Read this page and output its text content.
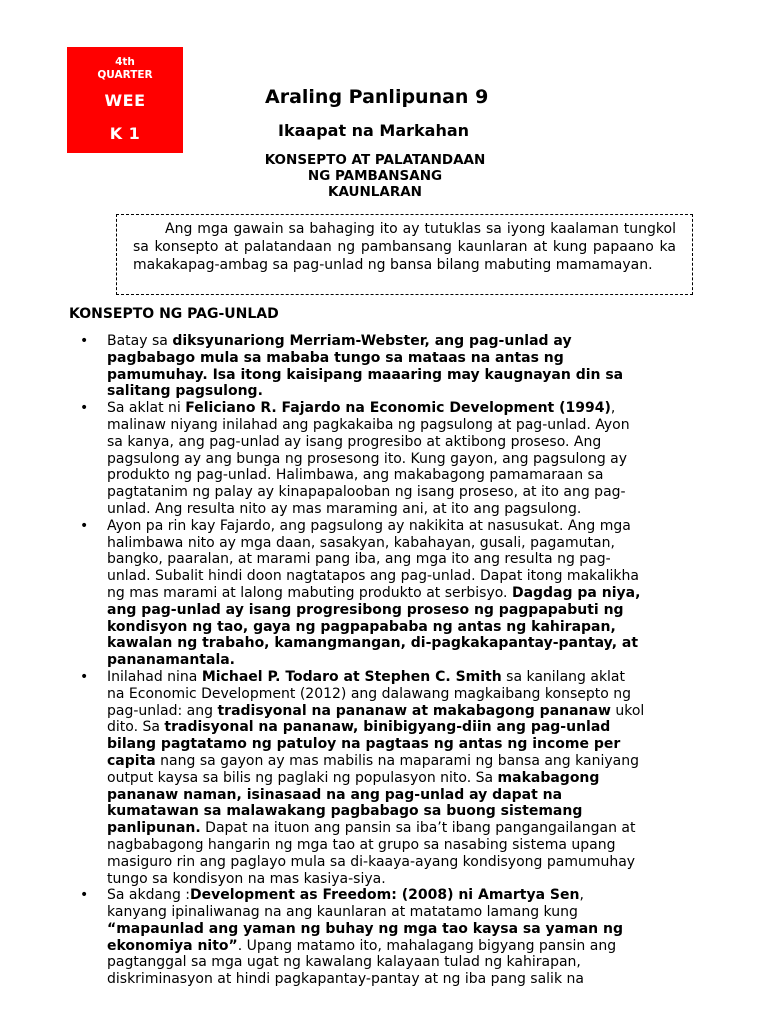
4th
QUARTER
WEE
K 1
Araling Panlipunan 9
Ikaapat na Markahan
KONSEPTO AT PALATANDAAN
NG PAMBANSANG
KAUNLARAN

Ang mga gawain sa bahaging ito ay tutuklas sa iyong kaalaman tungkol sa konsepto at palatandaan ng pambansang kaunlaran at kung papaano ka makakapag-ambag sa pag-unlad ng bansa bilang mabuting mamamayan.

KONSEPTO NG PAG-UNLAD
• Batay sa diksyunariong Merriam-Webster, ang pag-unlad ay
pagbabago mula sa mababa tungo sa mataas na antas ng
pamumuhay. Isa itong kaisipang maaaring may kaugnayan din sa
salitang pagsulong.
• Sa aklat ni Feliciano R. Fajardo na Economic Development (1994),
malinaw niyang inilahad ang pagkakaiba ng pagsulong at pag-unlad. Ayon
sa kanya, ang pag-unlad ay isang progresibo at aktibong proseso. Ang
pagsulong ay ang bunga ng prosesong ito. Kung gayon, ang pagsulong ay
produkto ng pag-unlad. Halimbawa, ang makabagong pamamaraan sa
pagtatanim ng palay ay kinapapalooban ng isang proseso, at ito ang pag-
unlad. Ang resulta nito ay mas maraming ani, at ito ang pagsulong.
• Ayon pa rin kay Fajardo, ang pagsulong ay nakikita at nasusukat. Ang mga
halimbawa nito ay mga daan, sasakyan, kabahayan, gusali, pagamutan,
bangko, paaralan, at marami pang iba, ang mga ito ang resulta ng pag-
unlad. Subalit hindi doon nagtatapos ang pag-unlad. Dapat itong makalikha
ng mas marami at lalong mabuting produkto at serbisyo. Dagdag pa niya,
ang pag-unlad ay isang progresibong proseso ng pagpapabuti ng
kondisyon ng tao, gaya ng pagpapababa ng antas ng kahirapan,
kawalan ng trabaho, kamangmangan, di-pagkakapantay-pantay, at
pananamantala.
• Inilahad nina Michael P. Todaro at Stephen C. Smith sa kanilang aklat
na Economic Development (2012) ang dalawang magkaibang konsepto ng
pag-unlad: ang tradisyonal na pananaw at makabagong pananaw ukol
dito. Sa tradisyonal na pananaw, binibigyang-diin ang pag-unlad
bilang pagtatamo ng patuloy na pagtaas ng antas ng income per
capita nang sa gayon ay mas mabilis na maparami ng bansa ang kaniyang
output kaysa sa bilis ng paglaki ng populasyon nito. Sa makabagong
pananaw naman, isinasaad na ang pag-unlad ay dapat na
kumatawan sa malawakang pagbabago sa buong sistemang
panlipunan. Dapat na ituon ang pansin sa iba’t ibang pangangailangan at
nagbabagong hangarin ng mga tao at grupo sa nasabing sistema upang
masiguro rin ang paglayo mula sa di-kaaya-ayang kondisyong pamumuhay
tungo sa kondisyon na mas kasiya-siya.
• Sa akdang :Development as Freedom: (2008) ni Amartya Sen,
kanyang ipinaliwanag na ang kaunlaran at matatamo lamang kung
“mapaunlad ang yaman ng buhay ng mga tao kaysa sa yaman ng
ekonomiya nito”. Upang matamo ito, mahalagang bigyang pansin ang
pagtanggal sa mga ugat ng kawalang kalayaan tulad ng kahirapan,
diskriminasyon at hindi pagkapantay-pantay at ng iba pang salik na
